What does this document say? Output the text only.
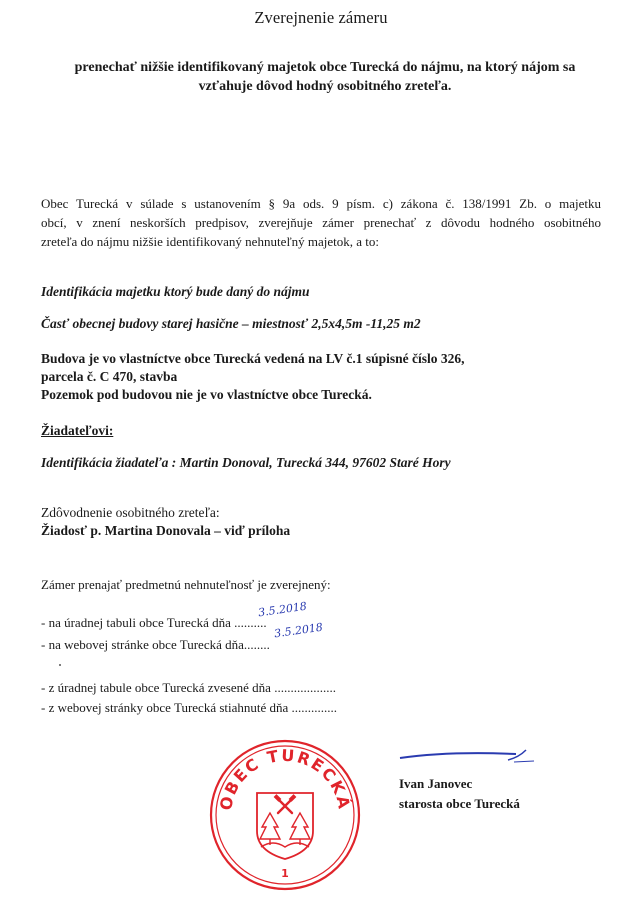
Zverejnenie zámeru
prenechať nižšie identifikovaný majetok obce Turecká do nájmu, na ktorý nájom sa
vzťahuje dôvod hodný osobitného zreteľa.
Obec Turecká v súlade s ustanovením § 9a ods. 9 písm. c) zákona č. 138/1991 Zb. o majetku
obcí, v znení neskorších predpisov, zverejňuje zámer prenechať z dôvodu hodného osobitného
zreteľa do nájmu nižšie identifikovaný nehnuteľný majetok, a to:
Identifikácia majetku ktorý bude daný do nájmu
Časť obecnej budovy starej hasične – miestnosť 2,5x4,5m -11,25 m2
Budova je vo vlastníctve obce Turecká vedená na LV č.1 súpisné číslo 326,
parcela č. C 470, stavba
Pozemok pod budovou nie je vo vlastníctve obce Turecká.
Žiadateľovi:
Identifikácia žiadateľa : Martin Donoval, Turecká 344, 97602 Staré Hory
Zdôvodnenie osobitného zreteľa:
Žiadosť p. Martina Donovala – viď príloha
Zámer prenajať predmetnú nehnuteľnosť je zverejnený:
- na úradnej tabuli obce Turecká dňa ..........
3.5.2018
- na webovej stránke obce Turecká dňa........
3.5.2018
- z úradnej tabule obce Turecká zvesené dňa ...................
- z webovej stránky obce Turecká stiahnuté dňa ..............
OBEC TURECKÁ
1
Ivan Janovec
starosta obce Turecká
